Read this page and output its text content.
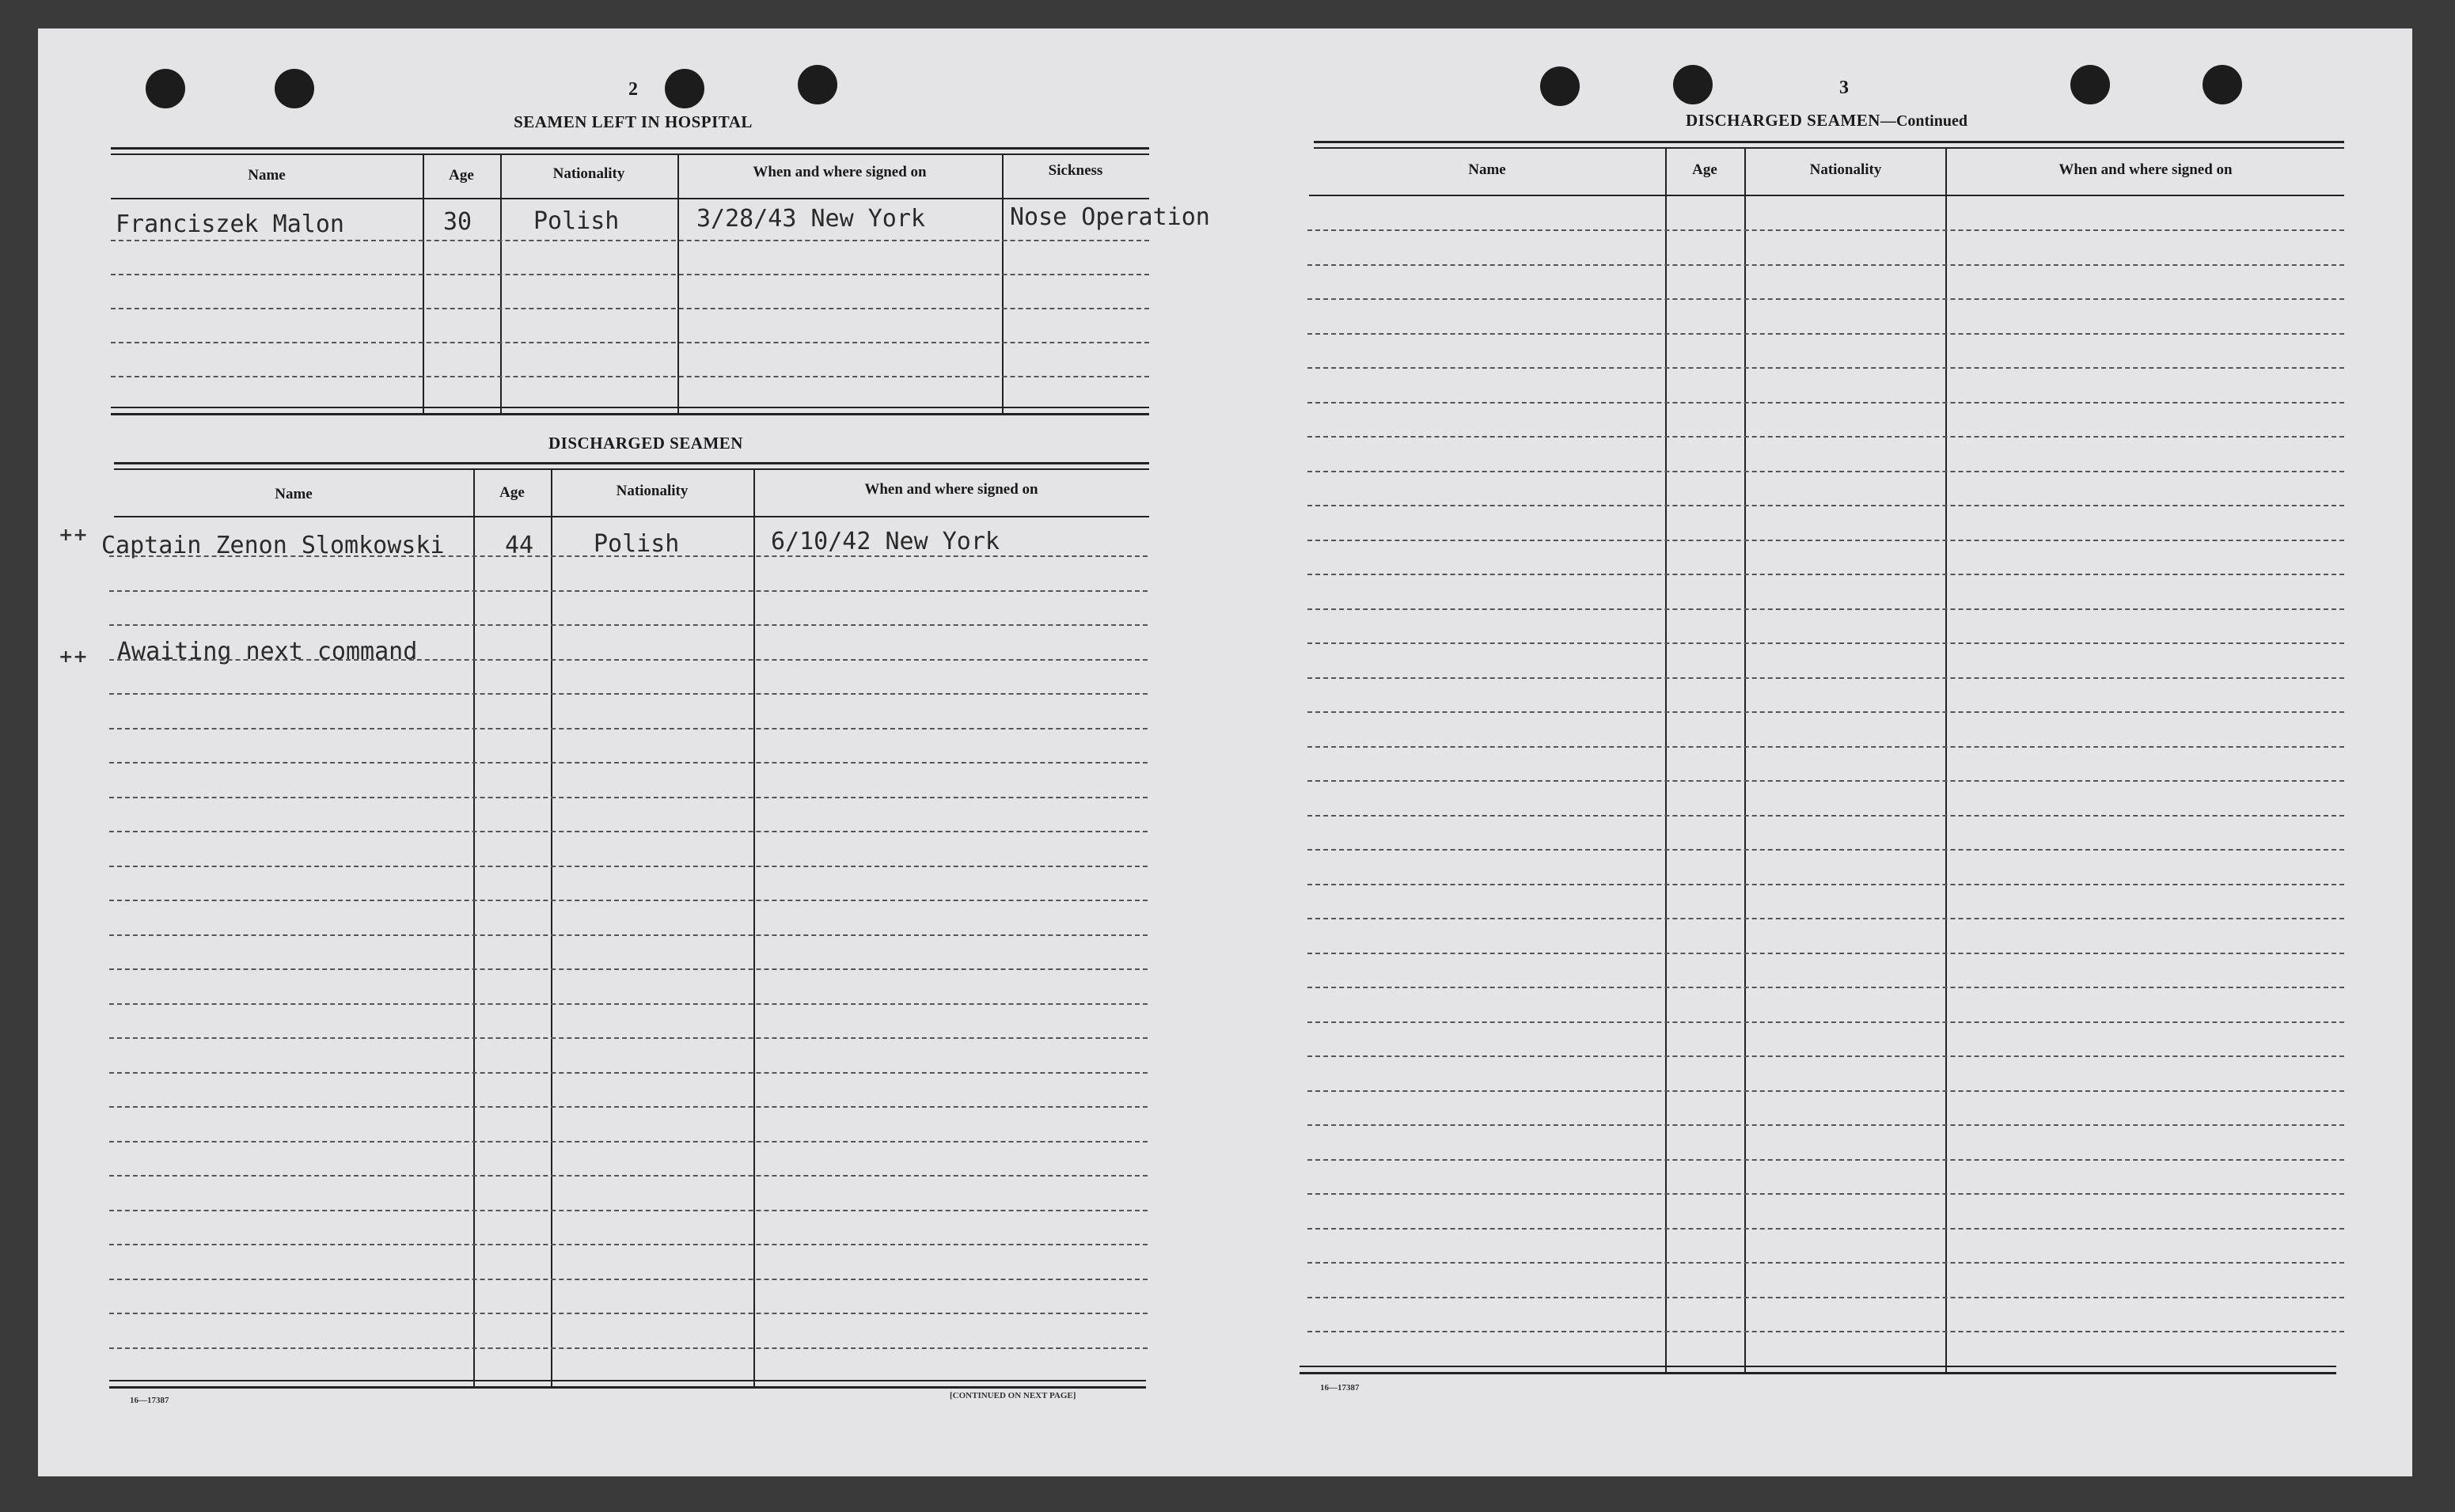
2
SEAMEN LEFT IN HOSPITAL
Name	Age	Nationality	When and where signed on	Sickness
Franciszek Malon	30	Polish	3/28/43 New York	Nose Operation
DISCHARGED SEAMEN
Name	Age	Nationality	When and where signed on
++ Captain Zenon Slomkowski	44	Polish	6/10/42 New York
++ Awaiting next command
16—17387	[CONTINUED ON NEXT PAGE]
3
DISCHARGED SEAMEN—Continued
Name	Age	Nationality	When and where signed on
16—17387
